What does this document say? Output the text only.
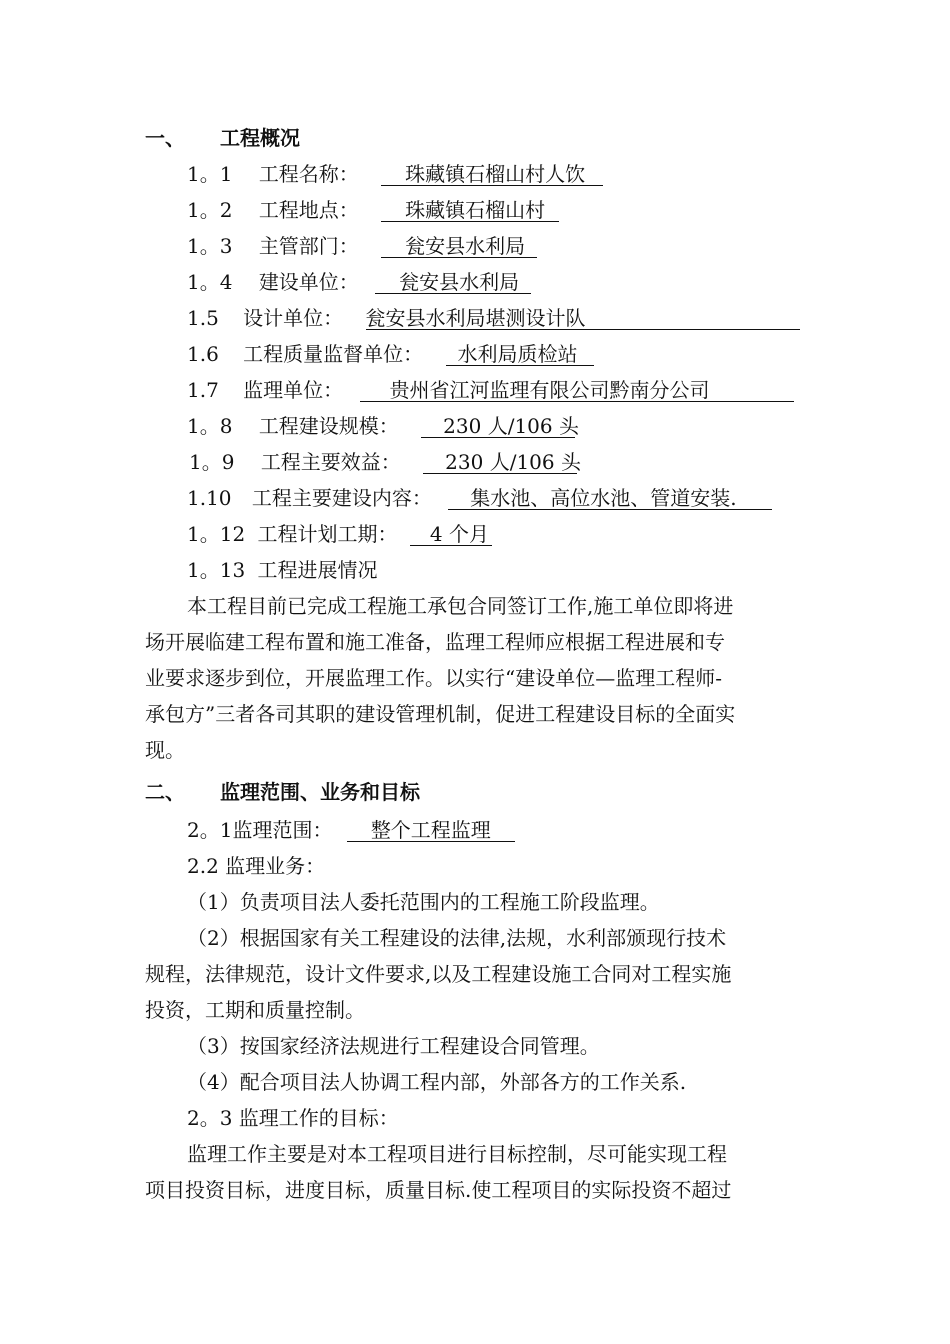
一、 工程概况
1。1 工程名称： 珠藏镇石榴山村人饮
1。2 工程地点： 珠藏镇石榴山村
1。3 主管部门： 瓮安县水利局
1。4 建设单位： 瓮安县水利局
1.5 设计单位： 瓮安县水利局堪测设计队
1.6 工程质量监督单位： 水利局质检站
1.7 监理单位： 贵州省江河监理有限公司黔南分公司
1。8 工程建设规模： 230 人/106 头
1。9 工程主要效益： 230 人/106 头
1.10 工程主要建设内容： 集水池、高位水池、管道安装.
1。12 工程计划工期： 4 个月
1。13 工程进展情况
本工程目前已完成工程施工承包合同签订工作,施工单位即将进
场开展临建工程布置和施工准备，监理工程师应根据工程进展和专
业要求逐步到位，开展监理工作。以实行“建设单位—监理工程师-
承包方”三者各司其职的建设管理机制，促进工程建设目标的全面实
现。
二、 监理范围、业务和目标
2。1监理范围： 整个工程监理
2.2 监理业务：
（1）负责项目法人委托范围内的工程施工阶段监理。
（2）根据国家有关工程建设的法律,法规，水利部颁现行技术
规程，法律规范，设计文件要求,以及工程建设施工合同对工程实施
投资，工期和质量控制。
（3）按国家经济法规进行工程建设合同管理。
（4）配合项目法人协调工程内部，外部各方的工作关系.
2。3 监理工作的目标：
监理工作主要是对本工程项目进行目标控制，尽可能实现工程
项目投资目标，进度目标，质量目标.使工程项目的实际投资不超过
